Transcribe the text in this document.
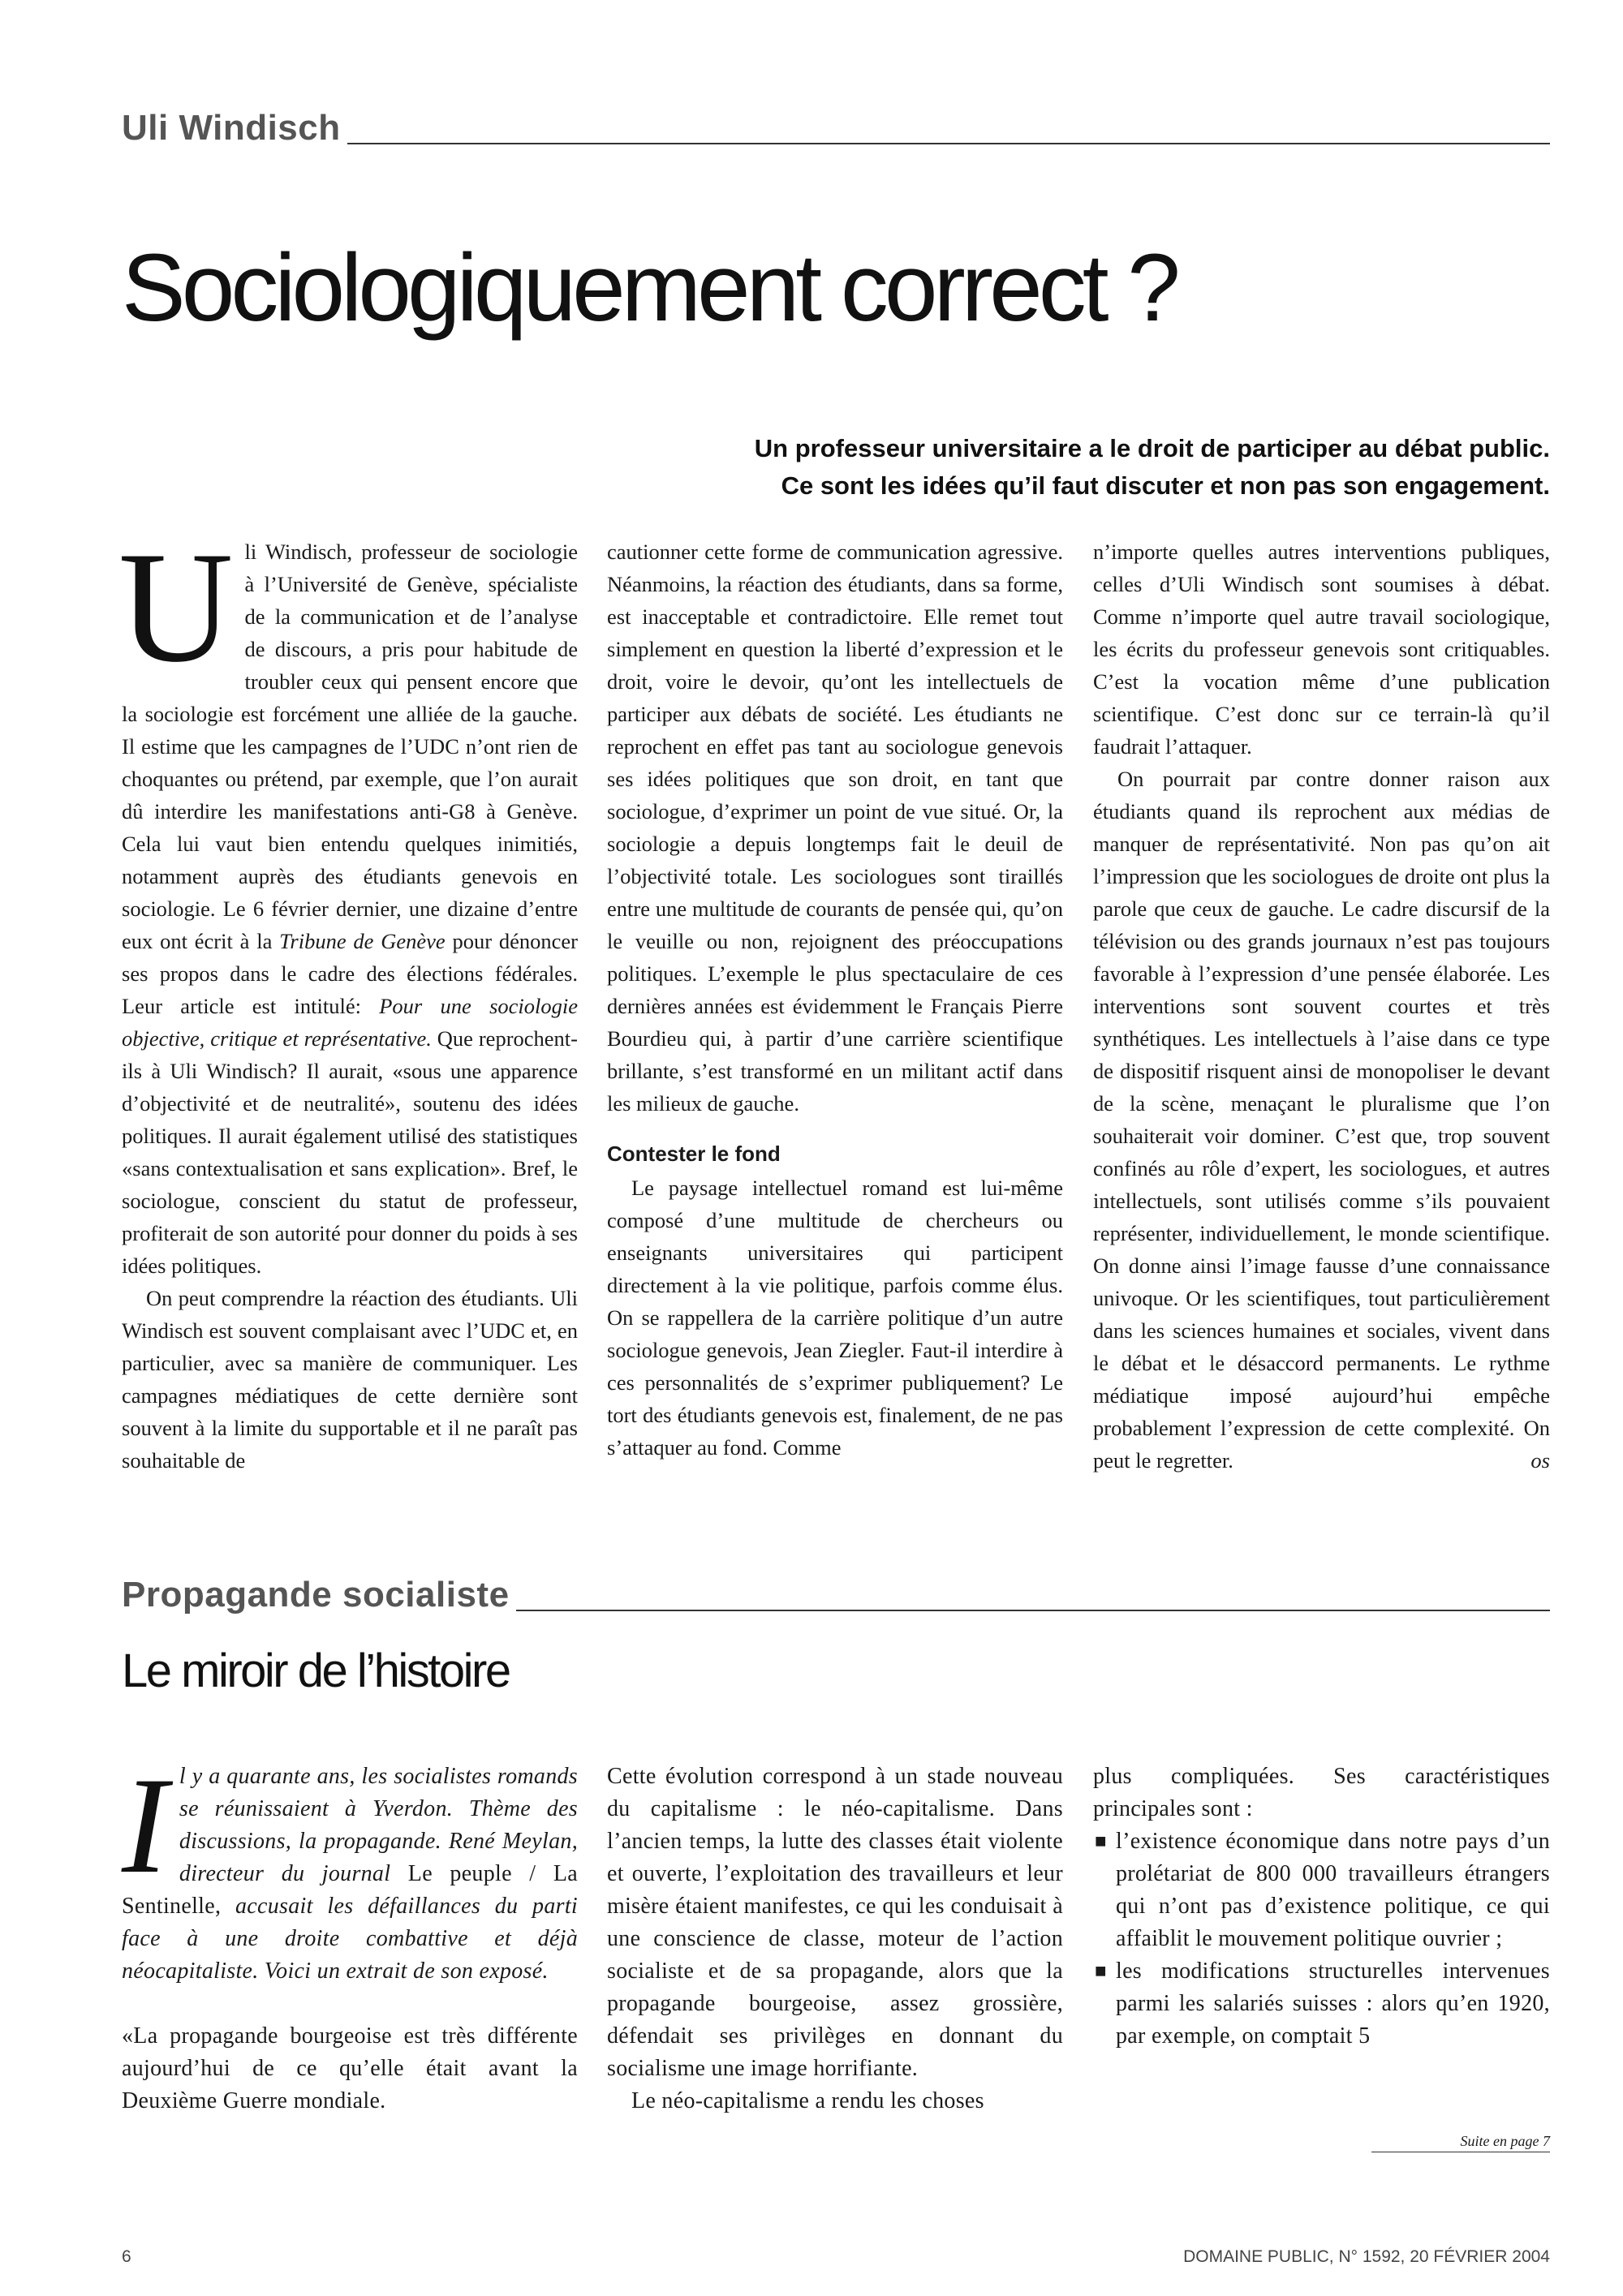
Uli Windisch
Sociologiquement correct ?
Un professeur universitaire a le droit de participer au débat public.
Ce sont les idées qu’il faut discuter et non pas son engagement.

Uli Windisch, professeur de sociologie à l’Université de Genève, spécialiste de la communication et de l’analyse de discours, a pris pour habitude de troubler ceux qui pensent encore que la sociologie est forcément une alliée de la gauche. Il estime que les campagnes de l’UDC n’ont rien de choquantes ou prétend, par exemple, que l’on aurait dû interdire les manifestations anti-G8 à Genève. Cela lui vaut bien entendu quelques inimitiés, notamment auprès des étudiants genevois en sociologie. Le 6 février dernier, une dizaine d’entre eux ont écrit à la Tribune de Genève pour dénoncer ses propos dans le cadre des élections fédérales. Leur article est intitulé: Pour une sociologie objective, critique et représentative. Que reprochent-ils à Uli Windisch? Il aurait, «sous une apparence d’objectivité et de neutralité», soutenu des idées politiques. Il aurait également utilisé des statistiques «sans contextualisation et sans explication». Bref, le sociologue, conscient du statut de professeur, profiterait de son autorité pour donner du poids à ses idées politiques.

On peut comprendre la réaction des étudiants. Uli Windisch est souvent complaisant avec l’UDC et, en particulier, avec sa manière de communiquer. Les campagnes médiatiques de cette dernière sont souvent à la limite du supportable et il ne paraît pas souhaitable de

cautionner cette forme de communication agressive. Néanmoins, la réaction des étudiants, dans sa forme, est inacceptable et contradictoire. Elle remet tout simplement en question la liberté d’expression et le droit, voire le devoir, qu’ont les intellectuels de participer aux débats de société. Les étudiants ne reprochent en effet pas tant au sociologue genevois ses idées politiques que son droit, en tant que sociologue, d’exprimer un point de vue situé. Or, la sociologie a depuis longtemps fait le deuil de l’objectivité totale. Les sociologues sont tiraillés entre une multitude de courants de pensée qui, qu’on le veuille ou non, rejoignent des préoccupations politiques. L’exemple le plus spectaculaire de ces dernières années est évidemment le Français Pierre Bourdieu qui, à partir d’une carrière scientifique brillante, s’est transformé en un militant actif dans les milieux de gauche.

Contester le fond

Le paysage intellectuel romand est lui-même composé d’une multitude de chercheurs ou enseignants universitaires qui participent directement à la vie politique, parfois comme élus. On se rappellera de la carrière politique d’un autre sociologue genevois, Jean Ziegler. Faut-il interdire à ces personnalités de s’exprimer publiquement? Le tort des étudiants genevois est, finalement, de ne pas s’attaquer au fond. Comme

n’importe quelles autres interventions publiques, celles d’Uli Windisch sont soumises à débat. Comme n’importe quel autre travail sociologique, les écrits du professeur genevois sont critiquables. C’est la vocation même d’une publication scientifique. C’est donc sur ce terrain-là qu’il faudrait l’attaquer.

On pourrait par contre donner raison aux étudiants quand ils reprochent aux médias de manquer de représentativité. Non pas qu’on ait l’impression que les sociologues de droite ont plus la parole que ceux de gauche. Le cadre discursif de la télévision ou des grands journaux n’est pas toujours favorable à l’expression d’une pensée élaborée. Les interventions sont souvent courtes et très synthétiques. Les intellectuels à l’aise dans ce type de dispositif risquent ainsi de monopoliser le devant de la scène, menaçant le pluralisme que l’on souhaiterait voir dominer. C’est que, trop souvent confinés au rôle d’expert, les sociologues, et autres intellectuels, sont utilisés comme s’ils pouvaient représenter, individuellement, le monde scientifique. On donne ainsi l’image fausse d’une connaissance univoque. Or les scientifiques, tout particulièrement dans les sciences humaines et sociales, vivent dans le débat et le désaccord permanents. Le rythme médiatique imposé aujourd’hui empêche probablement l’expression de cette complexité. On peut le regretter.	os

Propagande socialiste
Le miroir de l’histoire

Il y a quarante ans, les socialistes romands se réunissaient à Yverdon. Thème des discussions, la propagande. René Meylan, directeur du journal Le peuple / La Sentinelle, accusait les défaillances du parti face à une droite combattive et déjà néocapitaliste. Voici un extrait de son exposé.

«La propagande bourgeoise est très différente aujourd’hui de ce qu’elle était avant la Deuxième Guerre mondiale.

Cette évolution correspond à un stade nouveau du capitalisme : le néo-capitalisme. Dans l’ancien temps, la lutte des classes était violente et ouverte, l’exploitation des travailleurs et leur misère étaient manifestes, ce qui les conduisait à une conscience de classe, moteur de l’action socialiste et de sa propagande, alors que la propagande bourgeoise, assez grossière, défendait ses privilèges en donnant du socialisme une image horrifiante.

Le néo-capitalisme a rendu les choses

plus compliquées. Ses caractéristiques principales sont :

■ l’existence économique dans notre pays d’un prolétariat de 800 000 travailleurs étrangers qui n’ont pas d’existence politique, ce qui affaiblit le mouvement politique ouvrier ;
■ les modifications structurelles intervenues parmi les salariés suisses : alors qu’en 1920, par exemple, on comptait 5
Suite en page 7
6	DOMAINE PUBLIC, N° 1592, 20 FÉVRIER 2004
